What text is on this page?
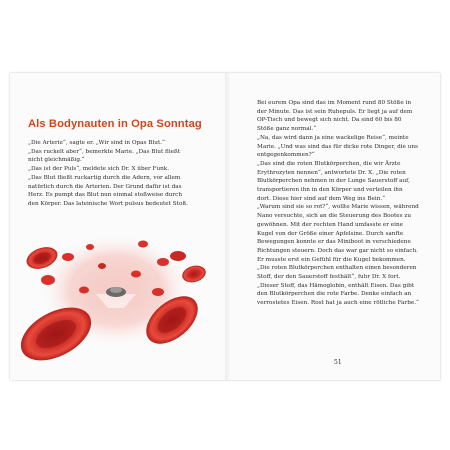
Als Bodynauten in Opa Sonntag

„Die Arterie“, sagte er. „Wir sind in Opas Blut.“
„Das ruckelt aber“, bemerkte Marie. „Das Blut fließt
nicht gleichmäßig.“
„Das ist der Puls“, meldete sich Dr. X über Funk.
„Das Blut fließt ruckartig durch die Adern, vor allem
natürlich durch die Arterien. Der Grund dafür ist das
Herz. Es pumpt das Blut nun einmal stoßweise durch
den Körper. Das lateinische Wort pulsus bedeutet Stoß.

Bei eurem Opa sind das im Moment rund 80 Stöße in
der Minute. Das ist sein Ruhepuls. Er liegt ja auf dem
OP-Tisch und bewegt sich nicht. Da sind 60 bis 80
Stöße ganz normal.“
„Na, das wird dann ja eine wackelige Reise“, meinte
Marie. „Und was sind das für dicke rote Dinger, die uns
entgegenkommen?“
„Das sind die roten Blutkörperchen, die wir Ärzte
Erythrozyten nennen“, antwortete Dr. X. „Die roten
Blutkörperchen nehmen in der Lunge Sauerstoff auf,
transportieren ihn in den Körper und verteilen ihn
dort. Diese hier sind auf dem Weg ins Bein.“
„Warum sind sie so rot?“, wollte Marie wissen, während
Nano versuchte, sich an die Steuerung des Bootes zu
gewöhnen. Mit der rechten Hand umfasste er eine
Kugel von der Größe einer Apfelsine. Durch sanfte
Bewegungen konnte er das Miniboot in verschiedene
Richtungen steuern. Doch das war gar nicht so einfach.
Er musste erst ein Gefühl für die Kugel bekommen.
„Die roten Blutkörperchen enthalten einen besonderen
Stoff, der den Sauerstoff festhält“, fuhr Dr. X fort.
„Dieser Stoff, das Hämoglobin, enthält Eisen. Das gibt
den Blutkörperchen die rote Farbe. Denke einfach an
verrostetes Eisen. Rost hat ja auch eine rötliche Farbe.“

51
